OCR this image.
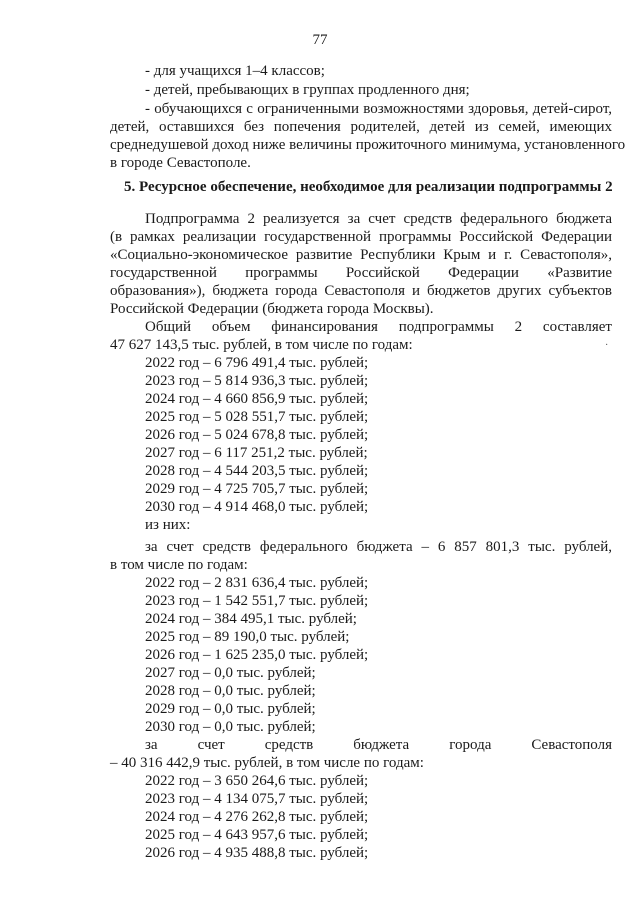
77
- для учащихся 1–4 классов;
- детей, пребывающих в группах продленного дня;
- обучающихся с ограниченными возможностями здоровья, детей-сирот,
детей, оставшихся без попечения родителей, детей из семей, имеющих
среднедушевой доход ниже величины прожиточного минимума, установленного
в городе Севастополе.
5. Ресурсное обеспечение, необходимое для реализации подпрограммы 2
Подпрограмма 2 реализуется за счет средств федерального бюджета
(в рамках реализации государственной программы Российской Федерации
«Социально-экономическое развитие Республики Крым и г. Севастополя»,
государственной программы Российской Федерации «Развитие
образования»), бюджета города Севастополя и бюджетов других субъектов
Российской Федерации (бюджета города Москвы).
Общий объем финансирования подпрограммы 2 составляет
47 627 143,5 тыс. рублей, в том числе по годам:	·
2022 год – 6 796 491,4 тыс. рублей;
2023 год – 5 814 936,3 тыс. рублей;
2024 год – 4 660 856,9 тыс. рублей;
2025 год – 5 028 551,7 тыс. рублей;
2026 год – 5 024 678,8 тыс. рублей;
2027 год – 6 117 251,2 тыс. рублей;
2028 год – 4 544 203,5 тыс. рублей;
2029 год – 4 725 705,7 тыс. рублей;
2030 год – 4 914 468,0 тыс. рублей;
из них:
за счет средств федерального бюджета – 6 857 801,3 тыс. рублей,
в том числе по годам:
2022 год – 2 831 636,4 тыс. рублей;
2023 год – 1 542 551,7 тыс. рублей;
2024 год – 384 495,1 тыс. рублей;
2025 год – 89 190,0 тыс. рублей;
2026 год – 1 625 235,0 тыс. рублей;
2027 год – 0,0 тыс. рублей;
2028 год – 0,0 тыс. рублей;
2029 год – 0,0 тыс. рублей;
2030 год – 0,0 тыс. рублей;
за счет средств бюджета города Севастополя
– 40 316 442,9 тыс. рублей, в том числе по годам:
2022 год – 3 650 264,6 тыс. рублей;
2023 год – 4 134 075,7 тыс. рублей;
2024 год – 4 276 262,8 тыс. рублей;
2025 год – 4 643 957,6 тыс. рублей;
2026 год – 4 935 488,8 тыс. рублей;
